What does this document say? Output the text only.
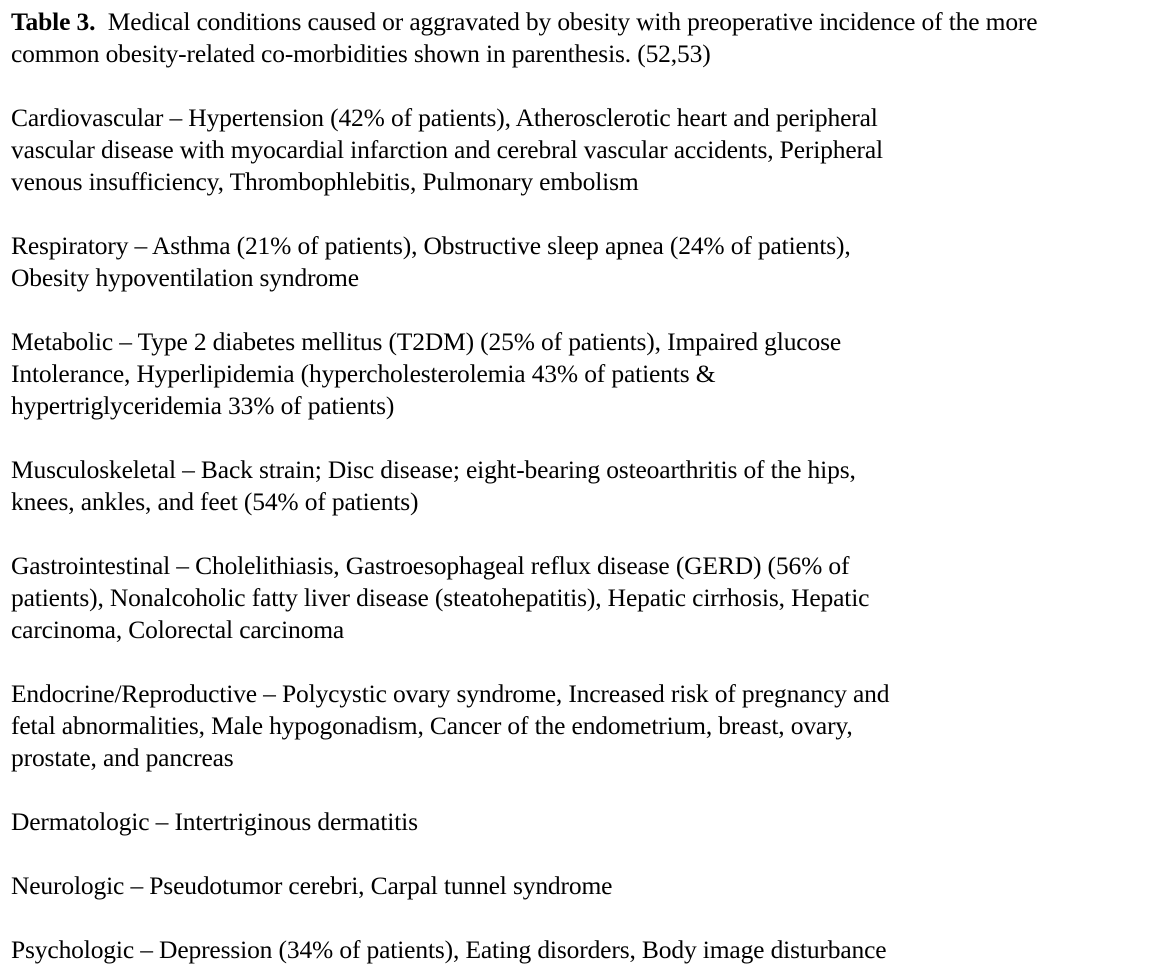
Table 3. Medical conditions caused or aggravated by obesity with preoperative incidence of the more
common obesity-related co-morbidities shown in parenthesis. (52,53)

Cardiovascular – Hypertension (42% of patients), Atherosclerotic heart and peripheral
vascular disease with myocardial infarction and cerebral vascular accidents, Peripheral
venous insufficiency, Thrombophlebitis, Pulmonary embolism
Respiratory – Asthma (21% of patients), Obstructive sleep apnea (24% of patients),
Obesity hypoventilation syndrome
Metabolic – Type 2 diabetes mellitus (T2DM) (25% of patients), Impaired glucose
Intolerance, Hyperlipidemia (hypercholesterolemia 43% of patients &
hypertriglyceridemia 33% of patients)
Musculoskeletal – Back strain; Disc disease; eight-bearing osteoarthritis of the hips,
knees, ankles, and feet (54% of patients)
Gastrointestinal – Cholelithiasis, Gastroesophageal reflux disease (GERD) (56% of
patients), Nonalcoholic fatty liver disease (steatohepatitis), Hepatic cirrhosis, Hepatic
carcinoma, Colorectal carcinoma
Endocrine/Reproductive – Polycystic ovary syndrome, Increased risk of pregnancy and
fetal abnormalities, Male hypogonadism, Cancer of the endometrium, breast, ovary,
prostate, and pancreas
Dermatologic – Intertriginous dermatitis
Neurologic – Pseudotumor cerebri, Carpal tunnel syndrome
Psychologic – Depression (34% of patients), Eating disorders, Body image disturbance
